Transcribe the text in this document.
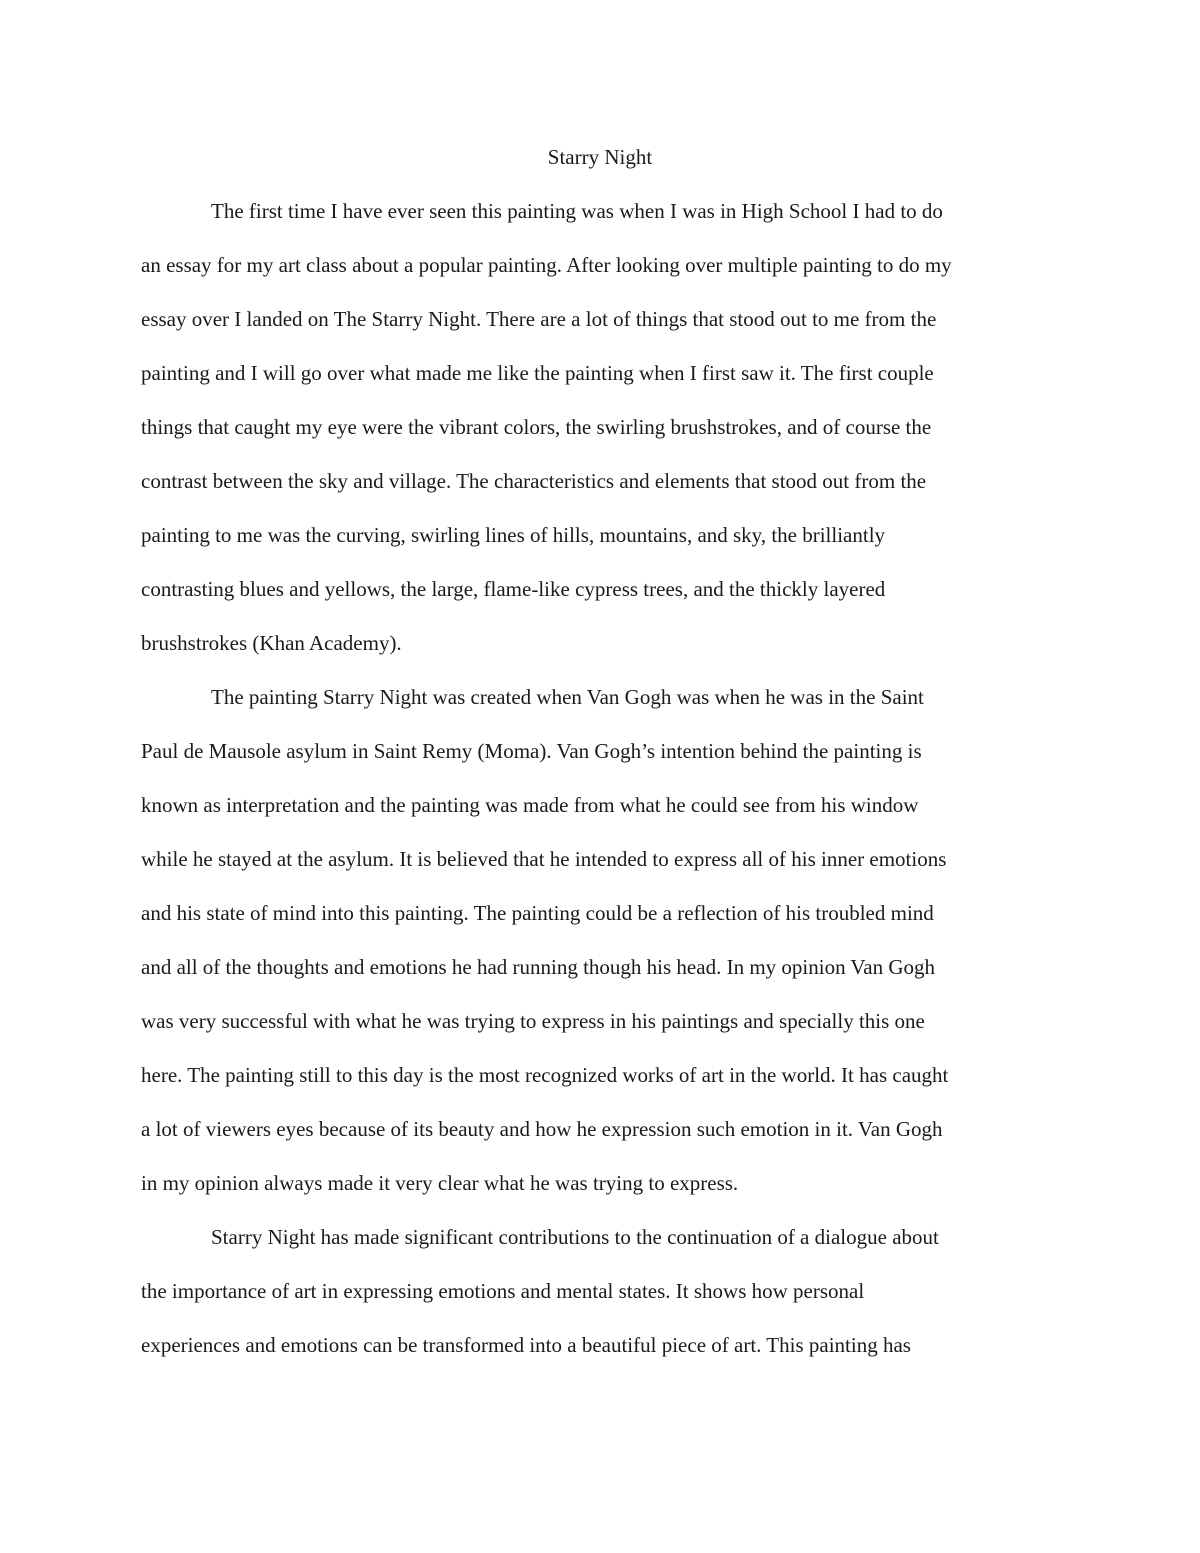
Starry Night

The first time I have ever seen this painting was when I was in High School I had to do

an essay for my art class about a popular painting. After looking over multiple painting to do my

essay over I landed on The Starry Night. There are a lot of things that stood out to me from the

painting and I will go over what made me like the painting when I first saw it. The first couple

things that caught my eye were the vibrant colors, the swirling brushstrokes, and of course the

contrast between the sky and village. The characteristics and elements that stood out from the

painting to me was the curving, swirling lines of hills, mountains, and sky, the brilliantly

contrasting blues and yellows, the large, flame-like cypress trees, and the thickly layered

brushstrokes (Khan Academy).

The painting Starry Night was created when Van Gogh was when he was in the Saint

Paul de Mausole asylum in Saint Remy (Moma). Van Gogh’s intention behind the painting is

known as interpretation and the painting was made from what he could see from his window

while he stayed at the asylum. It is believed that he intended to express all of his inner emotions

and his state of mind into this painting. The painting could be a reflection of his troubled mind

and all of the thoughts and emotions he had running though his head. In my opinion Van Gogh

was very successful with what he was trying to express in his paintings and specially this one

here. The painting still to this day is the most recognized works of art in the world. It has caught

a lot of viewers eyes because of its beauty and how he expression such emotion in it. Van Gogh

in my opinion always made it very clear what he was trying to express.

Starry Night has made significant contributions to the continuation of a dialogue about

the importance of art in expressing emotions and mental states. It shows how personal

experiences and emotions can be transformed into a beautiful piece of art. This painting has
